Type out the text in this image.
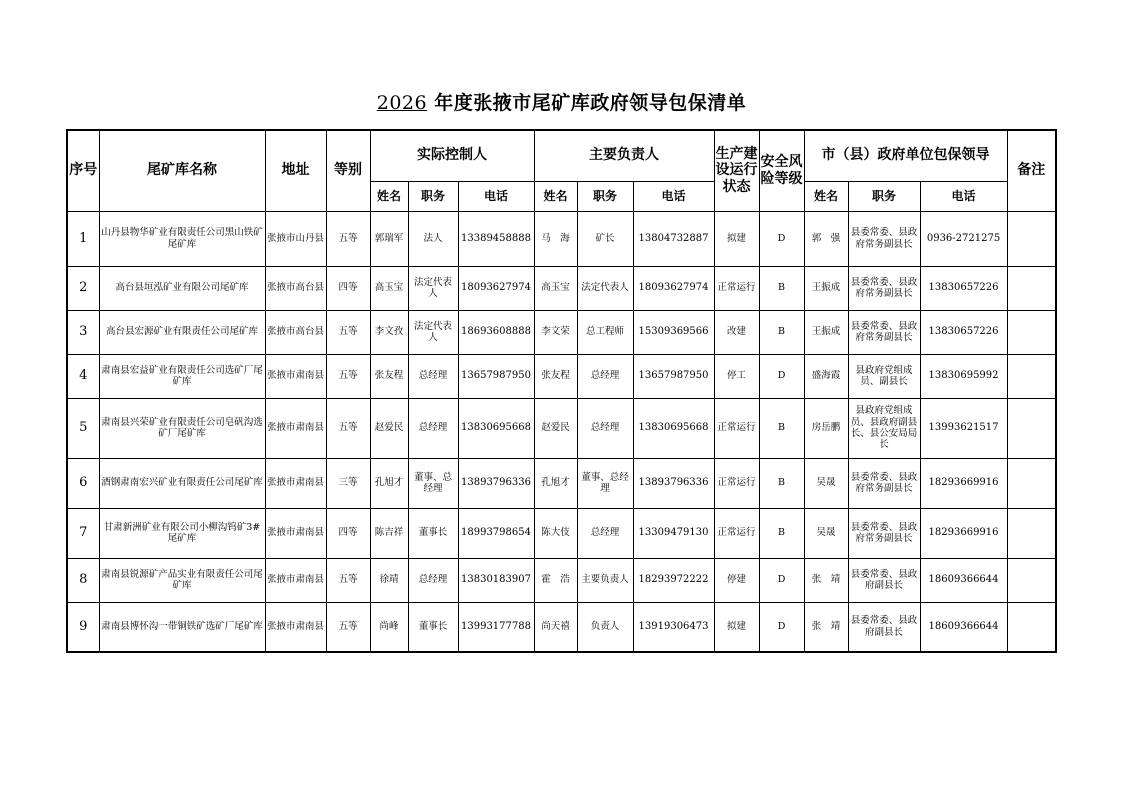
2026 年度张掖市尾矿库政府领导包保清单
序号	尾矿库名称	地址	等别	实际控制人			主要负责人			生产建设运行状态	安全风险等级	市（县）政府单位包保领导			备注
				姓名	职务	电话	姓名	职务	电话			姓名	职务	电话	
1	山丹县物华矿业有限责任公司黑山铁矿尾矿库	张掖市山丹县	五等	郭瑞军	法人	13389458888	马　海	矿长	13804732887	拟建	D	郭　强	县委常委、县政府常务副县长	0936-2721275	
2	高台县垣泓矿业有限公司尾矿库	张掖市高台县	四等	高玉宝	法定代表人	18093627974	高玉宝	法定代表人	18093627974	正常运行	B	王振成	县委常委、县政府常务副县长	13830657226	
3	高台县宏源矿业有限责任公司尾矿库	张掖市高台县	五等	李文孜	法定代表人	18693608888	李文荣	总工程师	15309369566	改建	B	王振成	县委常委、县政府常务副县长	13830657226	
4	肃南县宏益矿业有限责任公司选矿厂尾矿库	张掖市肃南县	五等	张友程	总经理	13657987950	张友程	总经理	13657987950	停工	D	盛海霞	县政府党组成员、副县长	13830695992	
5	肃南县兴荣矿业有限责任公司皂矾沟选矿厂尾矿库	张掖市肃南县	五等	赵爱民	总经理	13830695668	赵爱民	总经理	13830695668	正常运行	B	房岳鹏	县政府党组成员、县政府副县长、县公安局局长	13993621517	
6	酒钢肃南宏兴矿业有限责任公司尾矿库	张掖市肃南县	三等	孔旭才	董事、总经理	13893796336	孔旭才	董事、总经理	13893796336	正常运行	B	吴晟	县委常委、县政府常务副县长	18293669916	
7	甘肃新洲矿业有限公司小柳沟钨矿3#尾矿库	张掖市肃南县	四等	陈吉祥	董事长	18993798654	陈大伎	总经理	13309479130	正常运行	B	吴晟	县委常委、县政府常务副县长	18293669916	
8	肃南县锐源矿产品实业有限责任公司尾矿库	张掖市肃南县	五等	徐靖	总经理	13830183907	霍　浩	主要负责人	18293972222	停建	D	张　靖	县委常委、县政府副县长	18609366644	
9	肃南县博怀沟一带铜铁矿选矿厂尾矿库	张掖市肃南县	五等	尚峰	董事长	13993177788	尚天禧	负责人	13919306473	拟建	D	张　靖	县委常委、县政府副县长	18609366644	
